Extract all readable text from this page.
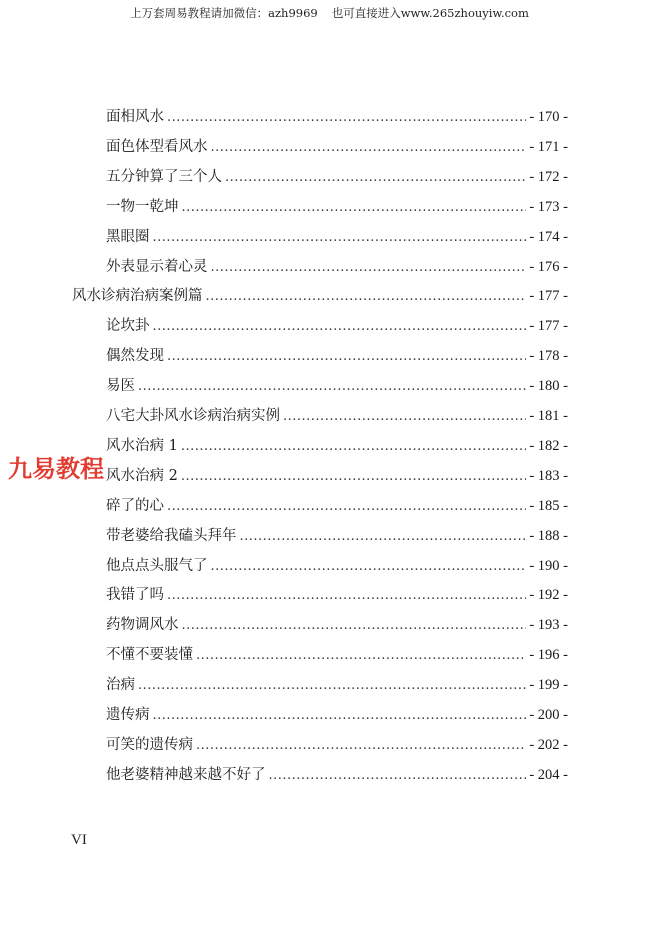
上万套周易教程请加微信：azh9969 也可直接进入www.265zhouyiw.com
面相风水 .....	- 170 -
面色体型看风水 .....	- 171 -
五分钟算了三个人 .....	- 172 -
一物一乾坤 .....	- 173 -
黑眼圈 .....	- 174 -
外表显示着心灵 .....	- 176 -
风水诊病治病案例篇 .....	- 177 -
论坎卦 .....	- 177 -
偶然发现 .....	- 178 -
易医 .....	- 180 -
八宅大卦风水诊病治病实例 .....	- 181 -
风水治病 1 .....	- 182 -
风水治病 2 .....	- 183 -
碎了的心 .....	- 185 -
带老婆给我磕头拜年 .....	- 188 -
他点点头服气了 .....	- 190 -
我错了吗 .....	- 192 -
药物调风水 .....	- 193 -
不懂不要装懂 .....	- 196 -
治病 .....	- 199 -
遗传病 .....	- 200 -
可笑的遗传病 .....	- 202 -
他老婆精神越来越不好了 .....	- 204 -
九易教程
VI
